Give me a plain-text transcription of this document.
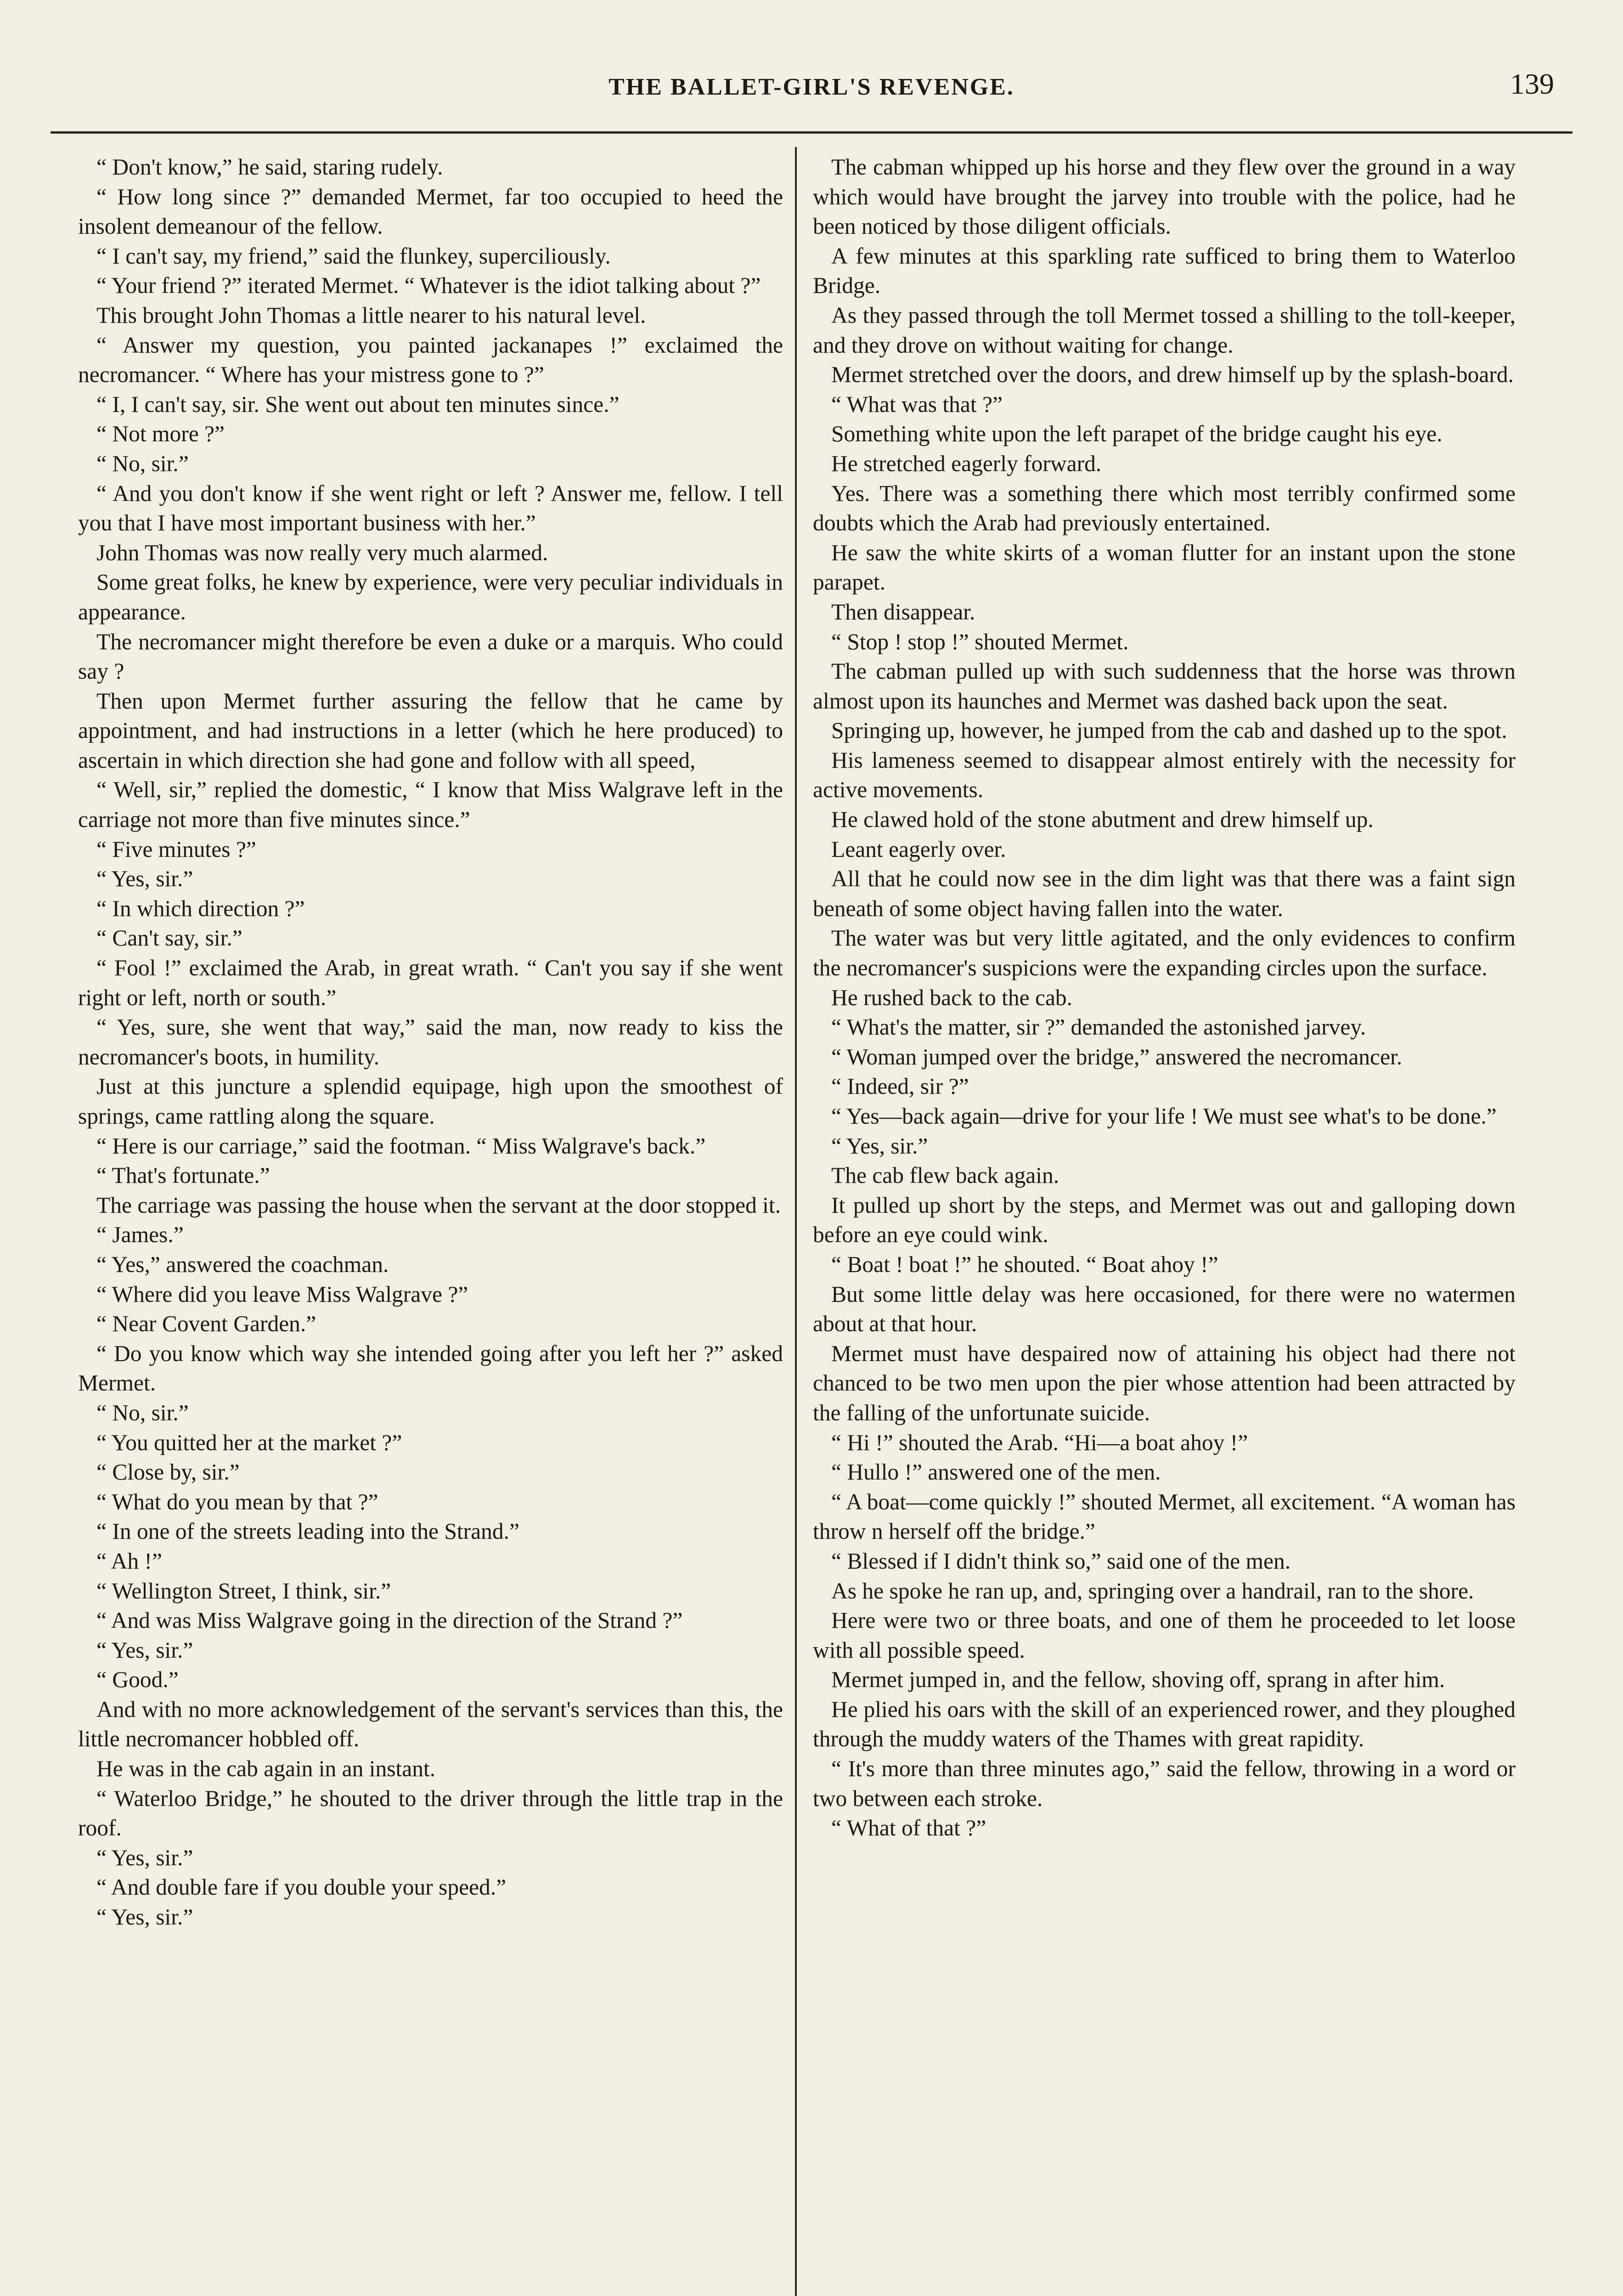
THE BALLET-GIRL'S REVENGE.	139

“ Don't know,” he said, staring rudely.

“ How long since ?” demanded Mermet, far too occupied to heed the insolent demeanour of the fellow.

“ I can't say, my friend,” said the flunkey, superciliously.

“ Your friend ?” iterated Mermet. “ Whatever is the idiot talking about ?”

This brought John Thomas a little nearer to his natural level.

“ Answer my question, you painted jackanapes !” exclaimed the necromancer. “ Where has your mistress gone to ?”

“ I, I can't say, sir. She went out about ten minutes since.”

“ Not more ?”

“ No, sir.”

“ And you don't know if she went right or left ? Answer me, fellow. I tell you that I have most important business with her.”

John Thomas was now really very much alarmed.

Some great folks, he knew by experience, were very peculiar individuals in appearance.

The necromancer might therefore be even a duke or a marquis. Who could say ?

Then upon Mermet further assuring the fellow that he came by appointment, and had instructions in a letter (which he here produced) to ascertain in which direction she had gone and follow with all speed,

“ Well, sir,” replied the domestic, “ I know that Miss Walgrave left in the carriage not more than five minutes since.”

“ Five minutes ?”

“ Yes, sir.”

“ In which direction ?”

“ Can't say, sir.”

“ Fool !” exclaimed the Arab, in great wrath. “ Can't you say if she went right or left, north or south.”

“ Yes, sure, she went that way,” said the man, now ready to kiss the necromancer's boots, in humility.

Just at this juncture a splendid equipage, high upon the smoothest of springs, came rattling along the square.

“ Here is our carriage,” said the footman. “ Miss Walgrave's back.”

“ That's fortunate.”

The carriage was passing the house when the servant at the door stopped it.

“ James.”

“ Yes,” answered the coachman.

“ Where did you leave Miss Walgrave ?”

“ Near Covent Garden.”

“ Do you know which way she intended going after you left her ?” asked Mermet.

“ No, sir.”

“ You quitted her at the market ?”

“ Close by, sir.”

“ What do you mean by that ?”

“ In one of the streets leading into the Strand.”

“ Ah !”

“ Wellington Street, I think, sir.”

“ And was Miss Walgrave going in the direction of the Strand ?”

“ Yes, sir.”

“ Good.”

And with no more acknowledgement of the servant's services than this, the little necromancer hobbled off.

He was in the cab again in an instant.

“ Waterloo Bridge,” he shouted to the driver through the little trap in the roof.

“ Yes, sir.”

“ And double fare if you double your speed.”

“ Yes, sir.”

The cabman whipped up his horse and they flew over the ground in a way which would have brought the jarvey into trouble with the police, had he been noticed by those diligent officials.

A few minutes at this sparkling rate sufficed to bring them to Waterloo Bridge.

As they passed through the toll Mermet tossed a shilling to the toll-keeper, and they drove on without waiting for change.

Mermet stretched over the doors, and drew himself up by the splash-board.

“ What was that ?”

Something white upon the left parapet of the bridge caught his eye.

He stretched eagerly forward.

Yes. There was a something there which most terribly confirmed some doubts which the Arab had previously entertained.

He saw the white skirts of a woman flutter for an instant upon the stone parapet.

Then disappear.

“ Stop ! stop !” shouted Mermet.

The cabman pulled up with such suddenness that the horse was thrown almost upon its haunches and Mermet was dashed back upon the seat.

Springing up, however, he jumped from the cab and dashed up to the spot.

His lameness seemed to disappear almost entirely with the necessity for active movements.

He clawed hold of the stone abutment and drew himself up.

Leant eagerly over.

All that he could now see in the dim light was that there was a faint sign beneath of some object having fallen into the water.

The water was but very little agitated, and the only evidences to confirm the necromancer's suspicions were the expanding circles upon the surface.

He rushed back to the cab.

“ What's the matter, sir ?” demanded the astonished jarvey.

“ Woman jumped over the bridge,” answered the necromancer.

“ Indeed, sir ?”

“ Yes—back again—drive for your life ! We must see what's to be done.”

“ Yes, sir.”

The cab flew back again.

It pulled up short by the steps, and Mermet was out and galloping down before an eye could wink.

“ Boat ! boat !” he shouted. “ Boat ahoy !”

But some little delay was here occasioned, for there were no watermen about at that hour.

Mermet must have despaired now of attaining his object had there not chanced to be two men upon the pier whose attention had been attracted by the falling of the unfortunate suicide.

“ Hi !” shouted the Arab. “Hi—a boat ahoy !”

“ Hullo !” answered one of the men.

“ A boat—come quickly !” shouted Mermet, all excitement. “A woman has throw n herself off the bridge.”

“ Blessed if I didn't think so,” said one of the men.

As he spoke he ran up, and, springing over a handrail, ran to the shore.

Here were two or three boats, and one of them he proceeded to let loose with all possible speed.

Mermet jumped in, and the fellow, shoving off, sprang in after him.

He plied his oars with the skill of an experienced rower, and they ploughed through the muddy waters of the Thames with great rapidity.

“ It's more than three minutes ago,” said the fellow, throwing in a word or two between each stroke.

“ What of that ?”
